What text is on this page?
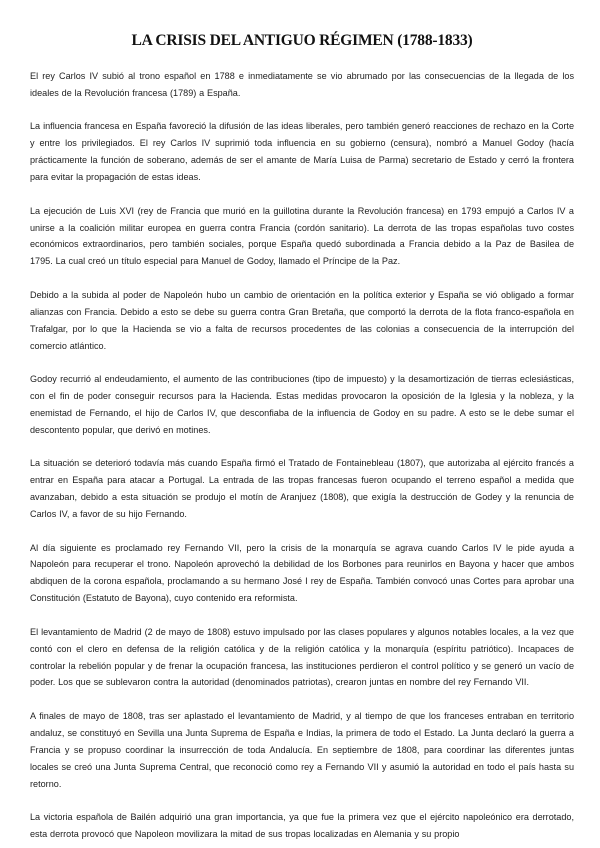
LA CRISIS DEL ANTIGUO RÉGIMEN (1788-1833)

El rey Carlos IV subió al trono español en 1788 e inmediatamente se vio abrumado por las consecuencias de la llegada de los ideales de la Revolución francesa (1789) a España.

La influencia francesa en España favoreció la difusión de las ideas liberales, pero también generó reacciones de rechazo en la Corte y entre los privilegiados. El rey Carlos IV suprimió toda influencia en su gobierno (censura), nombró a Manuel Godoy (hacía prácticamente la función de soberano, además de ser el amante de María Luisa de Parma) secretario de Estado y cerró la frontera para evitar la propagación de estas ideas.

La ejecución de Luis XVI (rey de Francia que murió en la guillotina durante la Revolución francesa) en 1793 empujó a Carlos IV a unirse a la coalición militar europea en guerra contra Francia (cordón sanitario). La derrota de las tropas españolas tuvo costes económicos extraordinarios, pero también sociales, porque España quedó subordinada a Francia debido a la Paz de Basilea de 1795. La cual creó un título especial para Manuel de Godoy, llamado el Príncipe de la Paz.

Debido a la subida al poder de Napoleón hubo un cambio de orientación en la política exterior y España se vió obligado a formar alianzas con Francia. Debido a esto se debe su guerra contra Gran Bretaña, que comportó la derrota de la flota franco-española en Trafalgar, por lo que la Hacienda se vio a falta de recursos procedentes de las colonias a consecuencia de la interrupción del comercio atlántico.

Godoy recurrió al endeudamiento, el aumento de las contribuciones (tipo de impuesto) y la desamortización de tierras eclesiásticas, con el fin de poder conseguir recursos para la Hacienda. Estas medidas provocaron la oposición de la Iglesia y la nobleza, y la enemistad de Fernando, el hijo de Carlos IV, que desconfiaba de la influencia de Godoy en su padre. A esto se le debe sumar el descontento popular, que derivó en motines.

La situación se deterioró todavía más cuando España firmó el Tratado de Fontainebleau (1807), que autorizaba al ejército francés a entrar en España para atacar a Portugal. La entrada de las tropas francesas fueron ocupando el terreno español a medida que avanzaban, debido a esta situación se produjo el motín de Aranjuez (1808), que exigía la destrucción de Godey y la renuncia de Carlos IV, a favor de su hijo Fernando.

Al día siguiente es proclamado rey Fernando VII, pero la crisis de la monarquía se agrava cuando Carlos IV le pide ayuda a Napoleón para recuperar el trono. Napoleón aprovechó la debilidad de los Borbones para reunirlos en Bayona y hacer que ambos abdiquen de la corona española, proclamando a su hermano José I rey de España. También convocó unas Cortes para aprobar una Constitución (Estatuto de Bayona), cuyo contenido era reformista.

El levantamiento de Madrid (2 de mayo de 1808) estuvo impulsado por las clases populares y algunos notables locales, a la vez que contó con el clero en defensa de la religión católica y de la religión católica y la monarquía (espíritu patriótico). Incapaces de controlar la rebelión popular y de frenar la ocupación francesa, las instituciones perdieron el control político y se generó un vacío de poder. Los que se sublevaron contra la autoridad (denominados patriotas), crearon juntas en nombre del rey Fernando VII.

A finales de mayo de 1808, tras ser aplastado el levantamiento de Madrid, y al tiempo de que los franceses entraban en territorio andaluz, se constituyó en Sevilla una Junta Suprema de España e Indias, la primera de todo el Estado. La Junta declaró la guerra a Francia y se propuso coordinar la insurrección de toda Andalucía. En septiembre de 1808, para coordinar las diferentes juntas locales se creó una Junta Suprema Central, que reconoció como rey a Fernando VII y asumió la autoridad en todo el país hasta su retorno.

La victoria española de Bailén adquirió una gran importancia, ya que fue la primera vez que el ejército napoleónico era derrotado, esta derrota provocó que Napoleon movilizara la mitad de sus tropas localizadas en Alemania y su propio
